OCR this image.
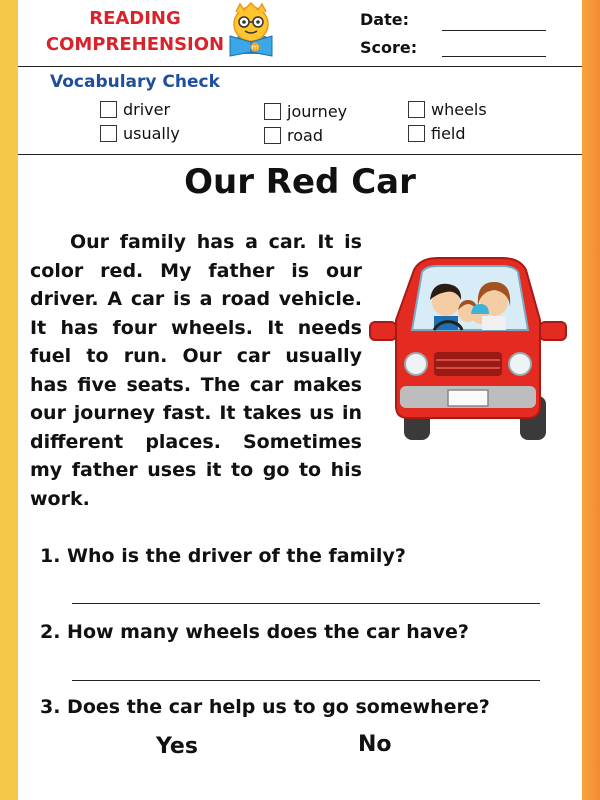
READING
COMPREHENSION	m
Date:
Score:
Vocabulary Check
driver
usually
journey
road
wheels
field
Our Red Car
Our family has a car. It is color red. My father is our driver. A car is a road vehicle. It has four wheels. It needs fuel to run. Our car usually has five seats. The car makes our journey fast. It takes us in different places. Sometimes my father uses it to go to his work.
1. Who is the driver of the family?
2. How many wheels does the car have?
3. Does the car help us to go somewhere?
Yes	No
